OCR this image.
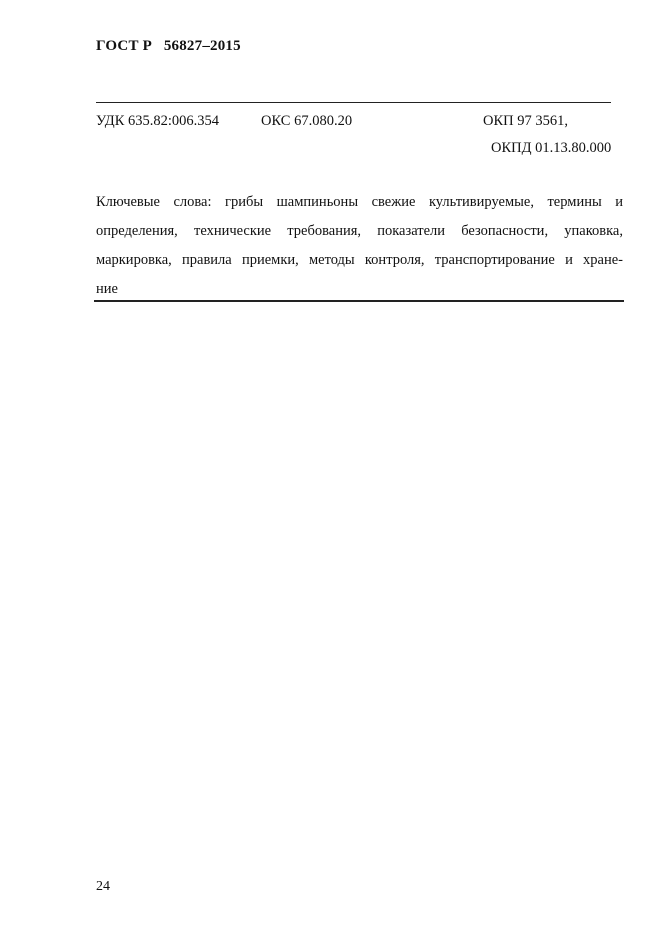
ГОСТ Р   56827–2015
УДК 635.82:006.354	ОКС 67.080.20	ОКП 97 3561,
ОКПД 01.13.80.000
Ключевые слова: грибы шампиньоны свежие культивируемые, термины и
определения, технические требования, показатели безопасности, упаковка,
маркировка, правила приемки, методы контроля, транспортирование и хране-
ние
24
